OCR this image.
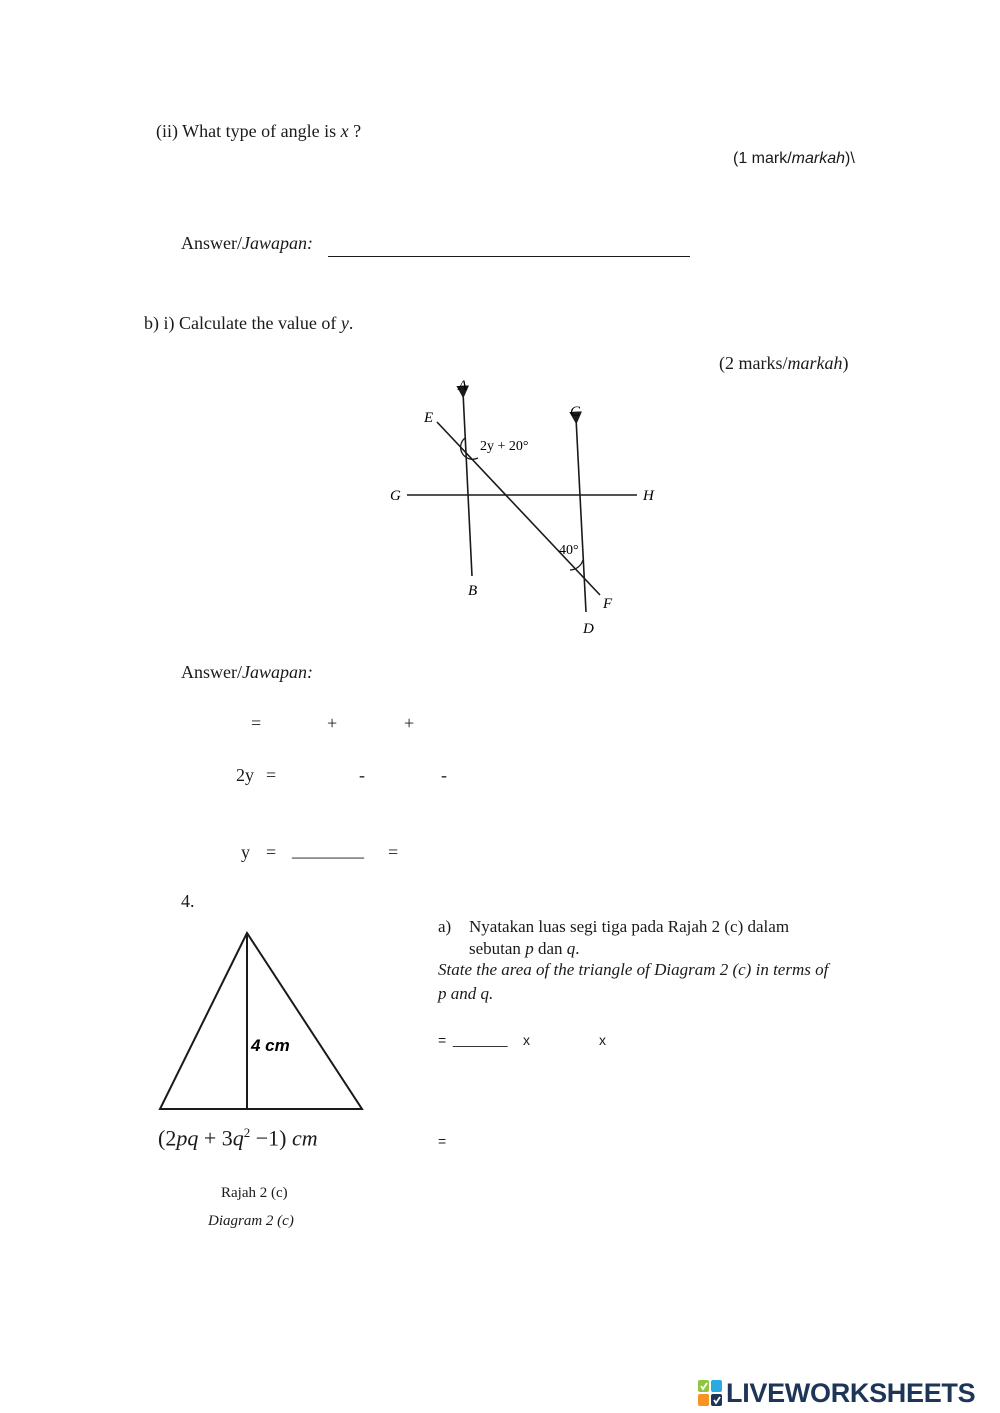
(ii) What type of angle is x ?
(1 mark/markah)\
Answer/Jawapan:
b) i) Calculate the value of y.
(2 marks/markah)
A
B
C
D
E
F
G	H
2y + 20°
40°
Answer/Jawapan:
=	+	+
2y =	-	-
y = ________ =
4.
4 cm
$(2pq + 3q^2 -1)$ cm
Rajah 2 (c)
Diagram 2 (c)
a) Nyatakan luas segi tiga pada Rajah 2 (c) dalam
sebutan p dan q.
State the area of the triangle of Diagram 2 (c) in terms of
p and q.
= _______ x	x
=
LIVEWORKSHEETS
